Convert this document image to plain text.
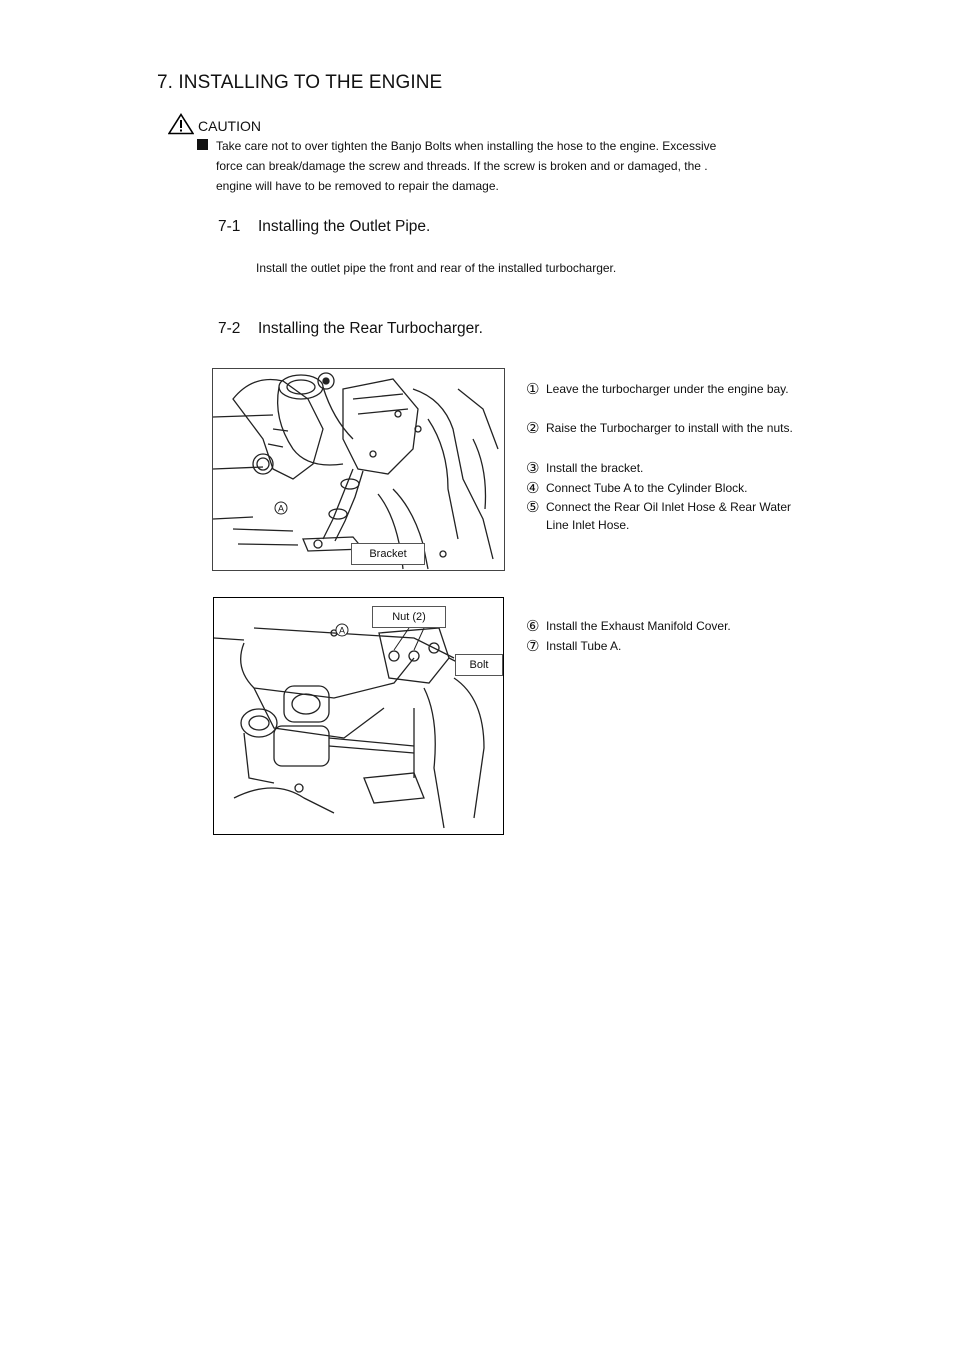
7. INSTALLING TO THE ENGINE
CAUTION
Take care not to over tighten the Banjo Bolts when installing the hose to the engine. Excessive
force can break/damage the screw and threads. If the screw is broken and or damaged, the .
engine will have to be removed to repair the damage.
7-1 Installing the Outlet Pipe.
Install the outlet pipe the front and rear of the installed turbocharger.
7-2 Installing the Rear Turbocharger.
A
Bracket
A
Nut (2)
Bolt
① Leave the turbocharger under the engine bay.
② Raise the Turbocharger to install with the nuts.
③ Install the bracket.
④ Connect Tube A to the Cylinder Block.
⑤ Connect the Rear Oil Inlet Hose & Rear Water
Line Inlet Hose.
⑥ Install the Exhaust Manifold Cover.
⑦ Install Tube A.
